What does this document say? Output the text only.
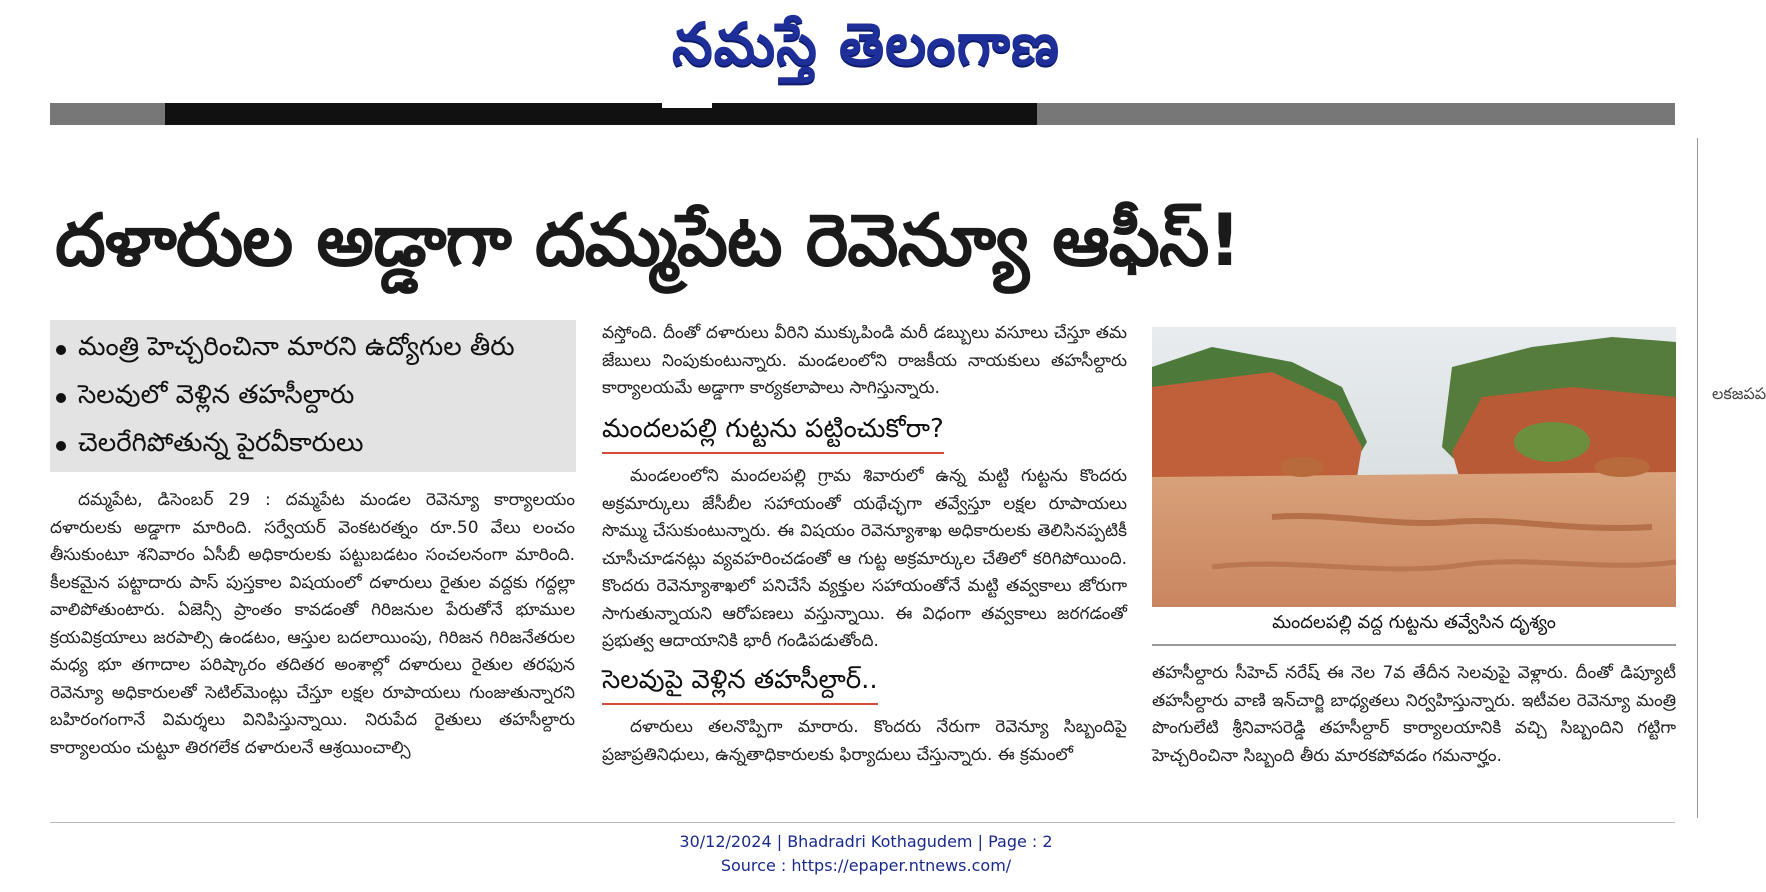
నమస్తే తెలంగాణ
దళారుల అడ్డాగా దమ్మపేట రెవెన్యూ ఆఫీస్‌!
మంత్రి హెచ్చరించినా మారని ఉద్యోగుల తీరు
సెలవులో వెళ్లిన తహసీల్దారు
చెలరేగిపోతున్న పైరవీకారులు

దమ్మపేట, డిసెంబర్‌ 29 : దమ్మపేట మండల రెవెన్యూ కార్యాలయం దళారులకు అడ్డాగా మారింది. సర్వేయర్‌ వెంకటరత్నం రూ.50 వేలు లంచం తీసుకుంటూ శనివారం ఏసీబీ అధికారులకు పట్టుబడటం సంచలనంగా మారింది. కీలకమైన పట్టాదారు పాస్‌ పుస్తకాల విషయంలో దళారులు రైతుల వద్దకు గద్దల్లా వాలిపోతుంటారు. ఏజెన్సీ ప్రాంతం కావడంతో గిరిజనుల పేరుతోనే భూముల క్రయవిక్రయాలు జరపాల్సి ఉండటం, ఆస్తుల బదలాయింపు, గిరిజన గిరిజనేతరుల మధ్య భూ తగాదాల పరిష్కారం తదితర అంశాల్లో దళారులు రైతుల తరఫున రెవెన్యూ అధికారులతో సెటిల్‌మెంట్లు చేస్తూ లక్షల రూపాయలు గుంజుతున్నారని బహిరంగంగానే విమర్శలు వినిపిస్తున్నాయి. నిరుపేద రైతులు తహసీల్దారు కార్యాలయం చుట్టూ తిరగలేక దళారులనే ఆశ్రయించాల్సి

వస్తోంది. దీంతో దళారులు వీరిని ముక్కుపిండి మరీ డబ్బులు వసూలు చేస్తూ తమ జేబులు నింపుకుంటున్నారు. మండలంలోని రాజకీయ నాయకులు తహసీల్దారు కార్యాలయమే అడ్డాగా కార్యకలాపాలు సాగిస్తున్నారు.

మందలపల్లి గుట్టను పట్టించుకోరా?

మండలంలోని మందలపల్లి గ్రామ శివారులో ఉన్న మట్టి గుట్టను కొందరు అక్రమార్కులు జేసీబీల సహాయంతో యథేచ్ఛగా తవ్వేస్తూ లక్షల రూపాయలు సొమ్ము చేసుకుంటున్నారు. ఈ విషయం రెవెన్యూశాఖ అధికారులకు తెలిసినప్పటికీ చూసీచూడనట్లు వ్యవహరించడంతో ఆ గుట్ట అక్రమార్కుల చేతిలో కరిగిపోయింది. కొందరు రెవెన్యూశాఖలో పనిచేసే వ్యక్తుల సహాయంతోనే మట్టి తవ్వకాలు జోరుగా సాగుతున్నాయని ఆరోపణలు వస్తున్నాయి. ఈ విధంగా తవ్వకాలు జరగడంతో ప్రభుత్వ ఆదాయానికి భారీ గండిపడుతోంది.

సెలవుపై వెళ్లిన తహసీల్దార్‌..

దళారులు తలనొప్పిగా మారారు. కొందరు నేరుగా రెవెన్యూ సిబ్బందిపై ప్రజాప్రతినిధులు, ఉన్నతాధికారులకు ఫిర్యాదులు చేస్తున్నారు. ఈ క్రమంలో

మందలపల్లి వద్ద గుట్టను తవ్వేసిన దృశ్యం

తహసీల్దారు సీహెచ్‌ నరేష్‌ ఈ నెల 7వ తేదీన సెలవుపై వెళ్లారు. దీంతో డిప్యూటీ తహసీల్దారు వాణి ఇన్‌చార్జి బాధ్యతలు నిర్వహిస్తున్నారు. ఇటీవల రెవెన్యూ మంత్రి పొంగులేటి శ్రీనివాసరెడ్డి తహసీల్దార్‌ కార్యాలయానికి వచ్చి సిబ్బందిని గట్టిగా హెచ్చరించినా సిబ్బంది తీరు మారకపోవడం గమనార్హం.

లకజపప
30/12/2024 | Bhadradri Kothagudem | Page : 2
Source : https://epaper.ntnews.com/
